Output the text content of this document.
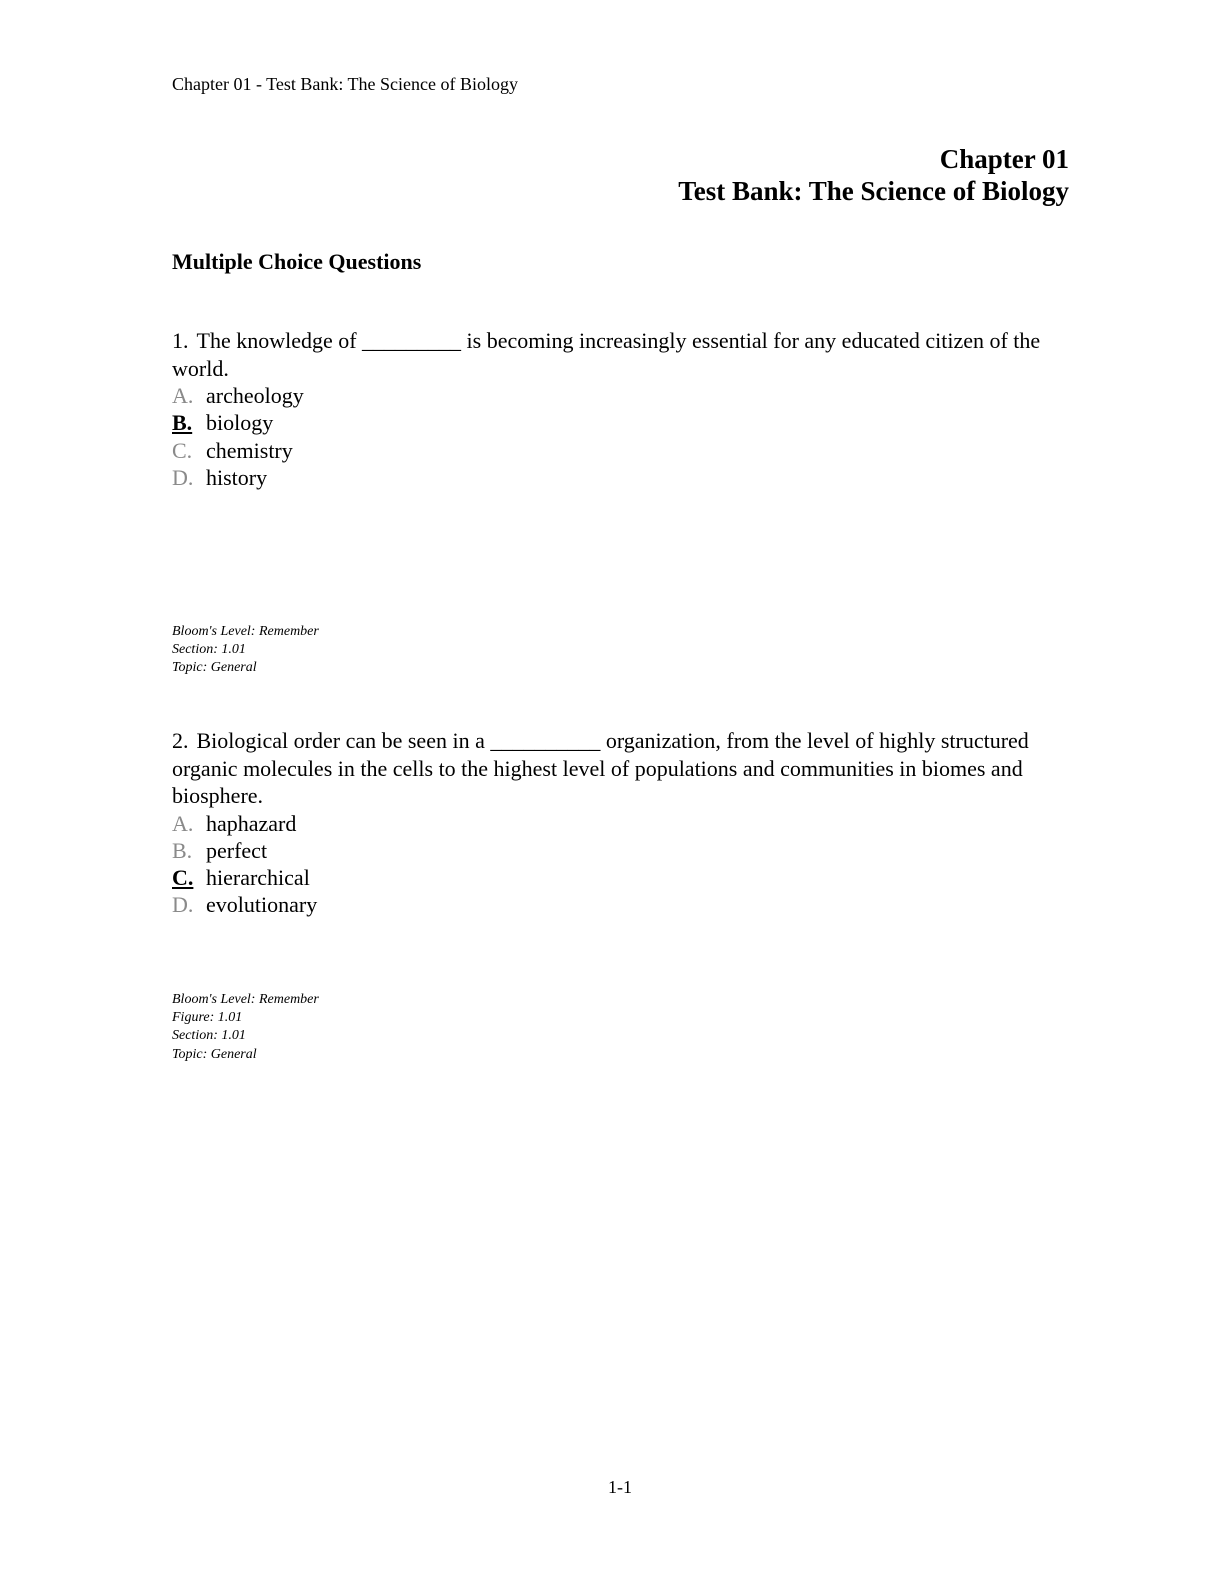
Chapter 01 - Test Bank: The Science of Biology
Chapter 01
Test Bank: The Science of Biology
Multiple Choice Questions

1. The knowledge of _________ is becoming increasingly essential for any educated citizen of the world.

A. archeology
B. biology
C. chemistry
D. history
Bloom's Level: Remember
Section: 1.01
Topic: General

2. Biological order can be seen in a __________ organization, from the level of highly structured organic molecules in the cells to the highest level of populations and communities in biomes and biosphere.

A. haphazard
B. perfect
C. hierarchical
D. evolutionary
Bloom's Level: Remember
Figure: 1.01
Section: 1.01
Topic: General
1-1
